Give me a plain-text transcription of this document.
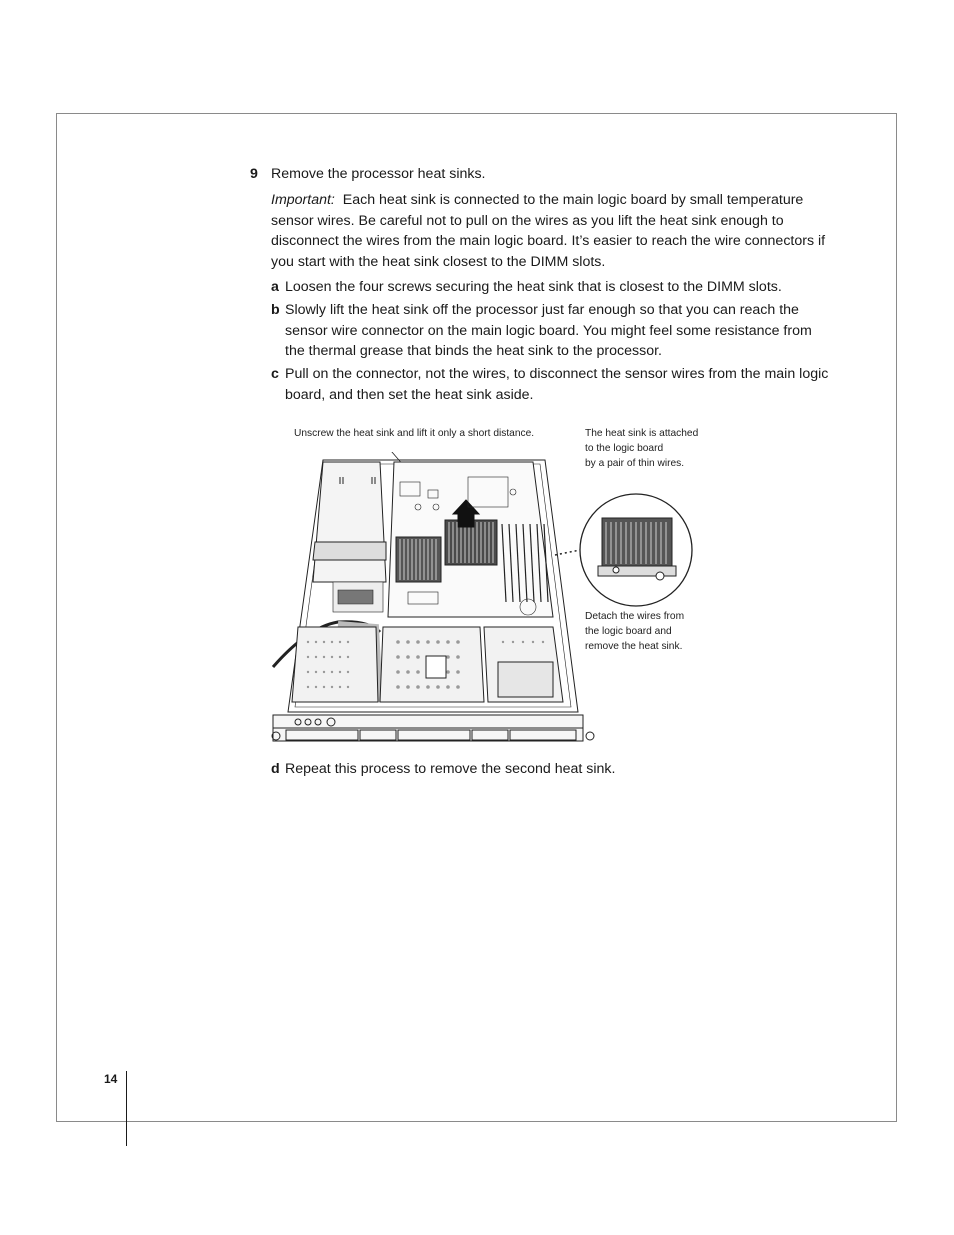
14
9 Remove the processor heat sinks.
Important: Each heat sink is connected to the main logic board by small temperature sensor wires. Be careful not to pull on the wires as you lift the heat sink enough to disconnect the wires from the main logic board. It’s easier to reach the wire connectors if you start with the heat sink closest to the DIMM slots.
a Loosen the four screws securing the heat sink that is closest to the DIMM slots.
b Slowly lift the heat sink off the processor just far enough so that you can reach the sensor wire connector on the main logic board. You might feel some resistance from the thermal grease that binds the heat sink to the processor.
c Pull on the connector, not the wires, to disconnect the sensor wires from the main logic board, and then set the heat sink aside.
d Repeat this process to remove the second heat sink.
Unscrew the heat sink and lift it only a short distance.	The heat sink is attached
to the logic board
by a pair of thin wires.
Detach the wires from
the logic board and
remove the heat sink.
